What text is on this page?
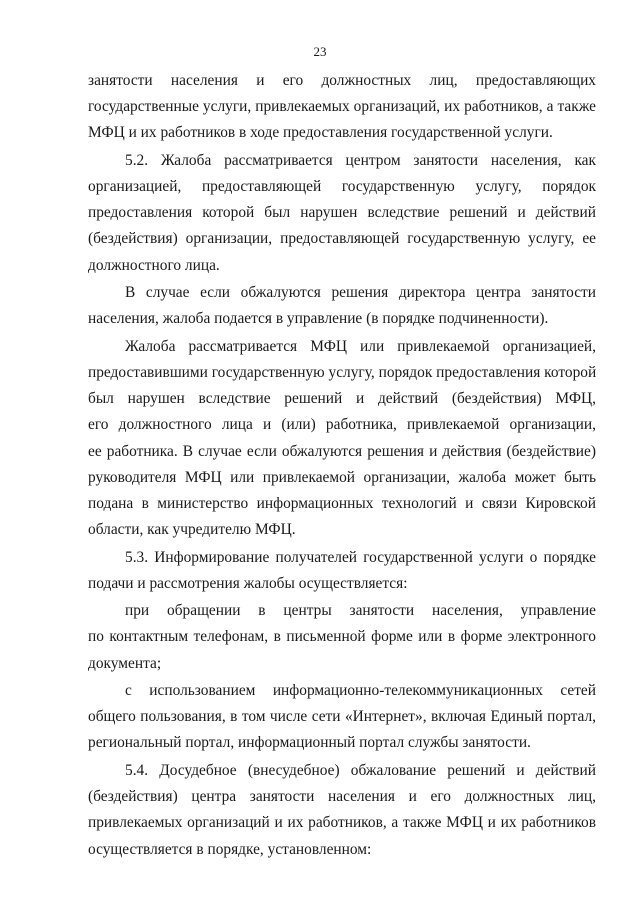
23
занятости населения и его должностных лиц, предоставляющих
государственные услуги, привлекаемых организаций, их работников, а также
МФЦ и их работников в ходе предоставления государственной услуги.
5.2. Жалоба рассматривается центром занятости населения, как
организацией, предоставляющей государственную услугу, порядок
предоставления которой был нарушен вследствие решений и действий
(бездействия) организации, предоставляющей государственную услугу, ее
должностного лица.
В случае если обжалуются решения директора центра занятости
населения, жалоба подается в управление (в порядке подчиненности).
Жалоба рассматривается МФЦ или привлекаемой организацией,
предоставившими государственную услугу, порядок предоставления которой
был нарушен вследствие решений и действий (бездействия) МФЦ,
его должностного лица и (или) работника, привлекаемой организации,
ее работника. В случае если обжалуются решения и действия (бездействие)
руководителя МФЦ или привлекаемой организации, жалоба может быть
подана в министерство информационных технологий и связи Кировской
области, как учредителю МФЦ.
5.3. Информирование получателей государственной услуги о порядке
подачи и рассмотрения жалобы осуществляется:
при обращении в центры занятости населения, управление
по контактным телефонам, в письменной форме или в форме электронного
документа;
с использованием информационно-телекоммуникационных сетей
общего пользования, в том числе сети «Интернет», включая Единый портал,
региональный портал, информационный портал службы занятости.
5.4. Досудебное (внесудебное) обжалование решений и действий
(бездействия) центра занятости населения и его должностных лиц,
привлекаемых организаций и их работников, а также МФЦ и их работников
осуществляется в порядке, установленном:
